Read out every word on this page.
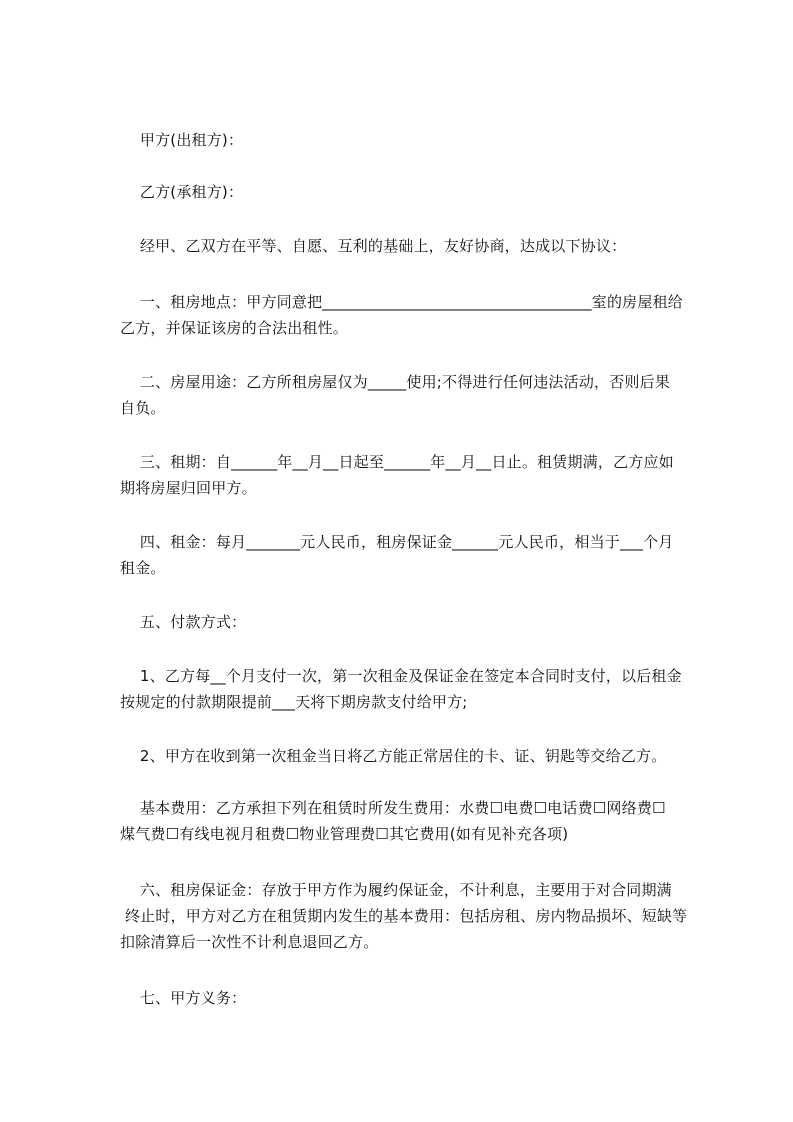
甲方(出租方)：
乙方(承租方)：
经甲、乙双方在平等、自愿、互利的基础上，友好协商，达成以下协议：
一、租房地点：甲方同意把___________________________________室的房屋租给
乙方，并保证该房的合法出租性。
二、房屋用途：乙方所租房屋仅为_____使用;不得进行任何违法活动，否则后果
自负。
三、租期：自______年__月__日起至______年__月__日止。租赁期满，乙方应如
期将房屋归回甲方。
四、租金：每月_______元人民币，租房保证金______元人民币，相当于___个月
租金。
五、付款方式：
1、乙方每__个月支付一次，第一次租金及保证金在签定本合同时支付，以后租金
按规定的付款期限提前___天将下期房款支付给甲方;
2、甲方在收到第一次租金当日将乙方能正常居住的卡、证、钥匙等交给乙方。
基本费用：乙方承担下列在租赁时所发生费用：水费☐电费☐电话费☐网络费☐
煤气费☐有线电视月租费☐物业管理费☐其它费用(如有见补充各项)
六、租房保证金：存放于甲方作为履约保证金，不计利息，主要用于对合同期满
终止时，甲方对乙方在租赁期内发生的基本费用：包括房租、房内物品损坏、短缺等
扣除清算后一次性不计利息退回乙方。
七、甲方义务：
